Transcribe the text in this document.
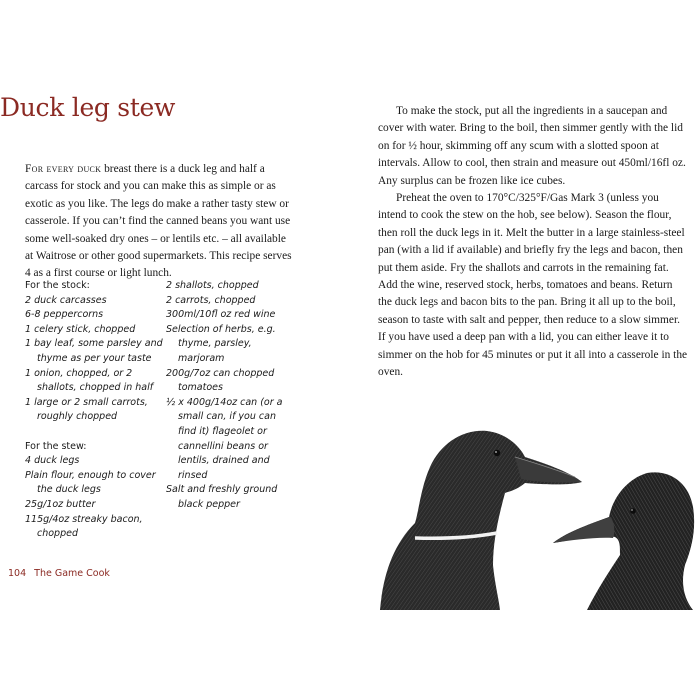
Duck leg stew

For every duck breast there is a duck leg and half a carcass for stock and you can make this as simple or as exotic as you like. The legs do make a rather tasty stew or casserole. If you can’t find the canned beans you want use some well-soaked dry ones – or lentils etc. – all available at Waitrose or other good supermarkets. This recipe serves 4 as a first course or light lunch.

For the stock:
2 duck carcasses
6-8 peppercorns
1 celery stick, chopped
1 bay leaf, some parsley and thyme as per your taste
1 onion, chopped, or 2 shallots, chopped in half
1 large or 2 small carrots, roughly chopped
For the stew:
4 duck legs
Plain flour, enough to cover the duck legs
25g/1oz butter
115g/4oz streaky bacon, chopped
2 shallots, chopped
2 carrots, chopped
300ml/10fl oz red wine
Selection of herbs, e.g. thyme, parsley, marjoram
200g/7oz can chopped tomatoes
½ x 400g/14oz can (or a small can, if you can find it) flageolet or cannellini beans or lentils, drained and rinsed
Salt and freshly ground black pepper
104 The Game Cook

To make the stock, put all the ingredients in a saucepan and cover with water. Bring to the boil, then simmer gently with the lid on for ½ hour, skimming off any scum with a slotted spoon at intervals. Allow to cool, then strain and measure out 450ml/16fl oz. Any surplus can be frozen like ice cubes.

Preheat the oven to 170°C/325°F/Gas Mark 3 (unless you intend to cook the stew on the hob, see below). Season the flour, then roll the duck legs in it. Melt the butter in a large stainless-steel pan (with a lid if available) and briefly fry the legs and bacon, then put them aside. Fry the shallots and carrots in the remaining fat. Add the wine, reserved stock, herbs, tomatoes and beans. Return the duck legs and bacon bits to the pan. Bring it all up to the boil, season to taste with salt and pepper, then reduce to a slow simmer. If you have used a deep pan with a lid, you can either leave it to simmer on the hob for 45 minutes or put it all into a casserole in the oven.
